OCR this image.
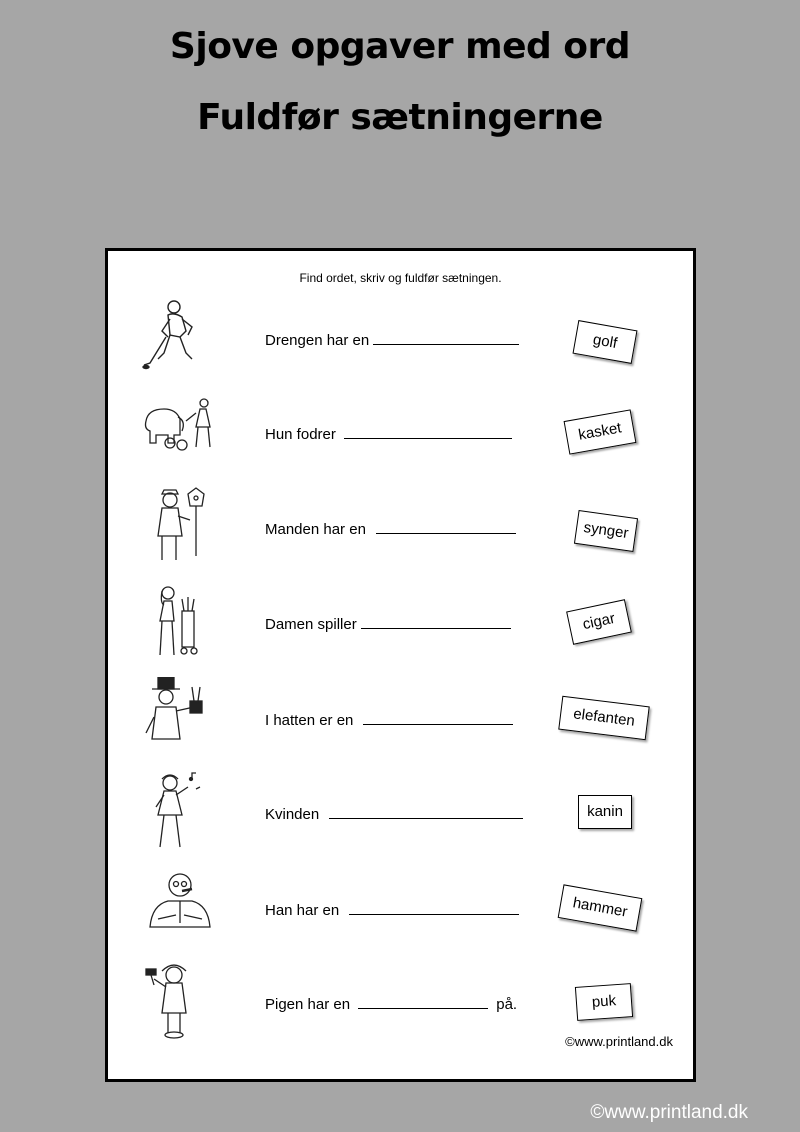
Sjove opgaver med ord
Fuldfør sætningerne
Find ordet, skriv og fuldfør sætningen.
Drengen har en	golf
Hun fodrer	kasket
Manden har en	synger
Damen spiller	cigar
I hatten er en	elefanten
Kvinden	kanin
Han har en	hammer
Pigen har en	på.	puk
©www.printland.dk
©www.printland.dk
